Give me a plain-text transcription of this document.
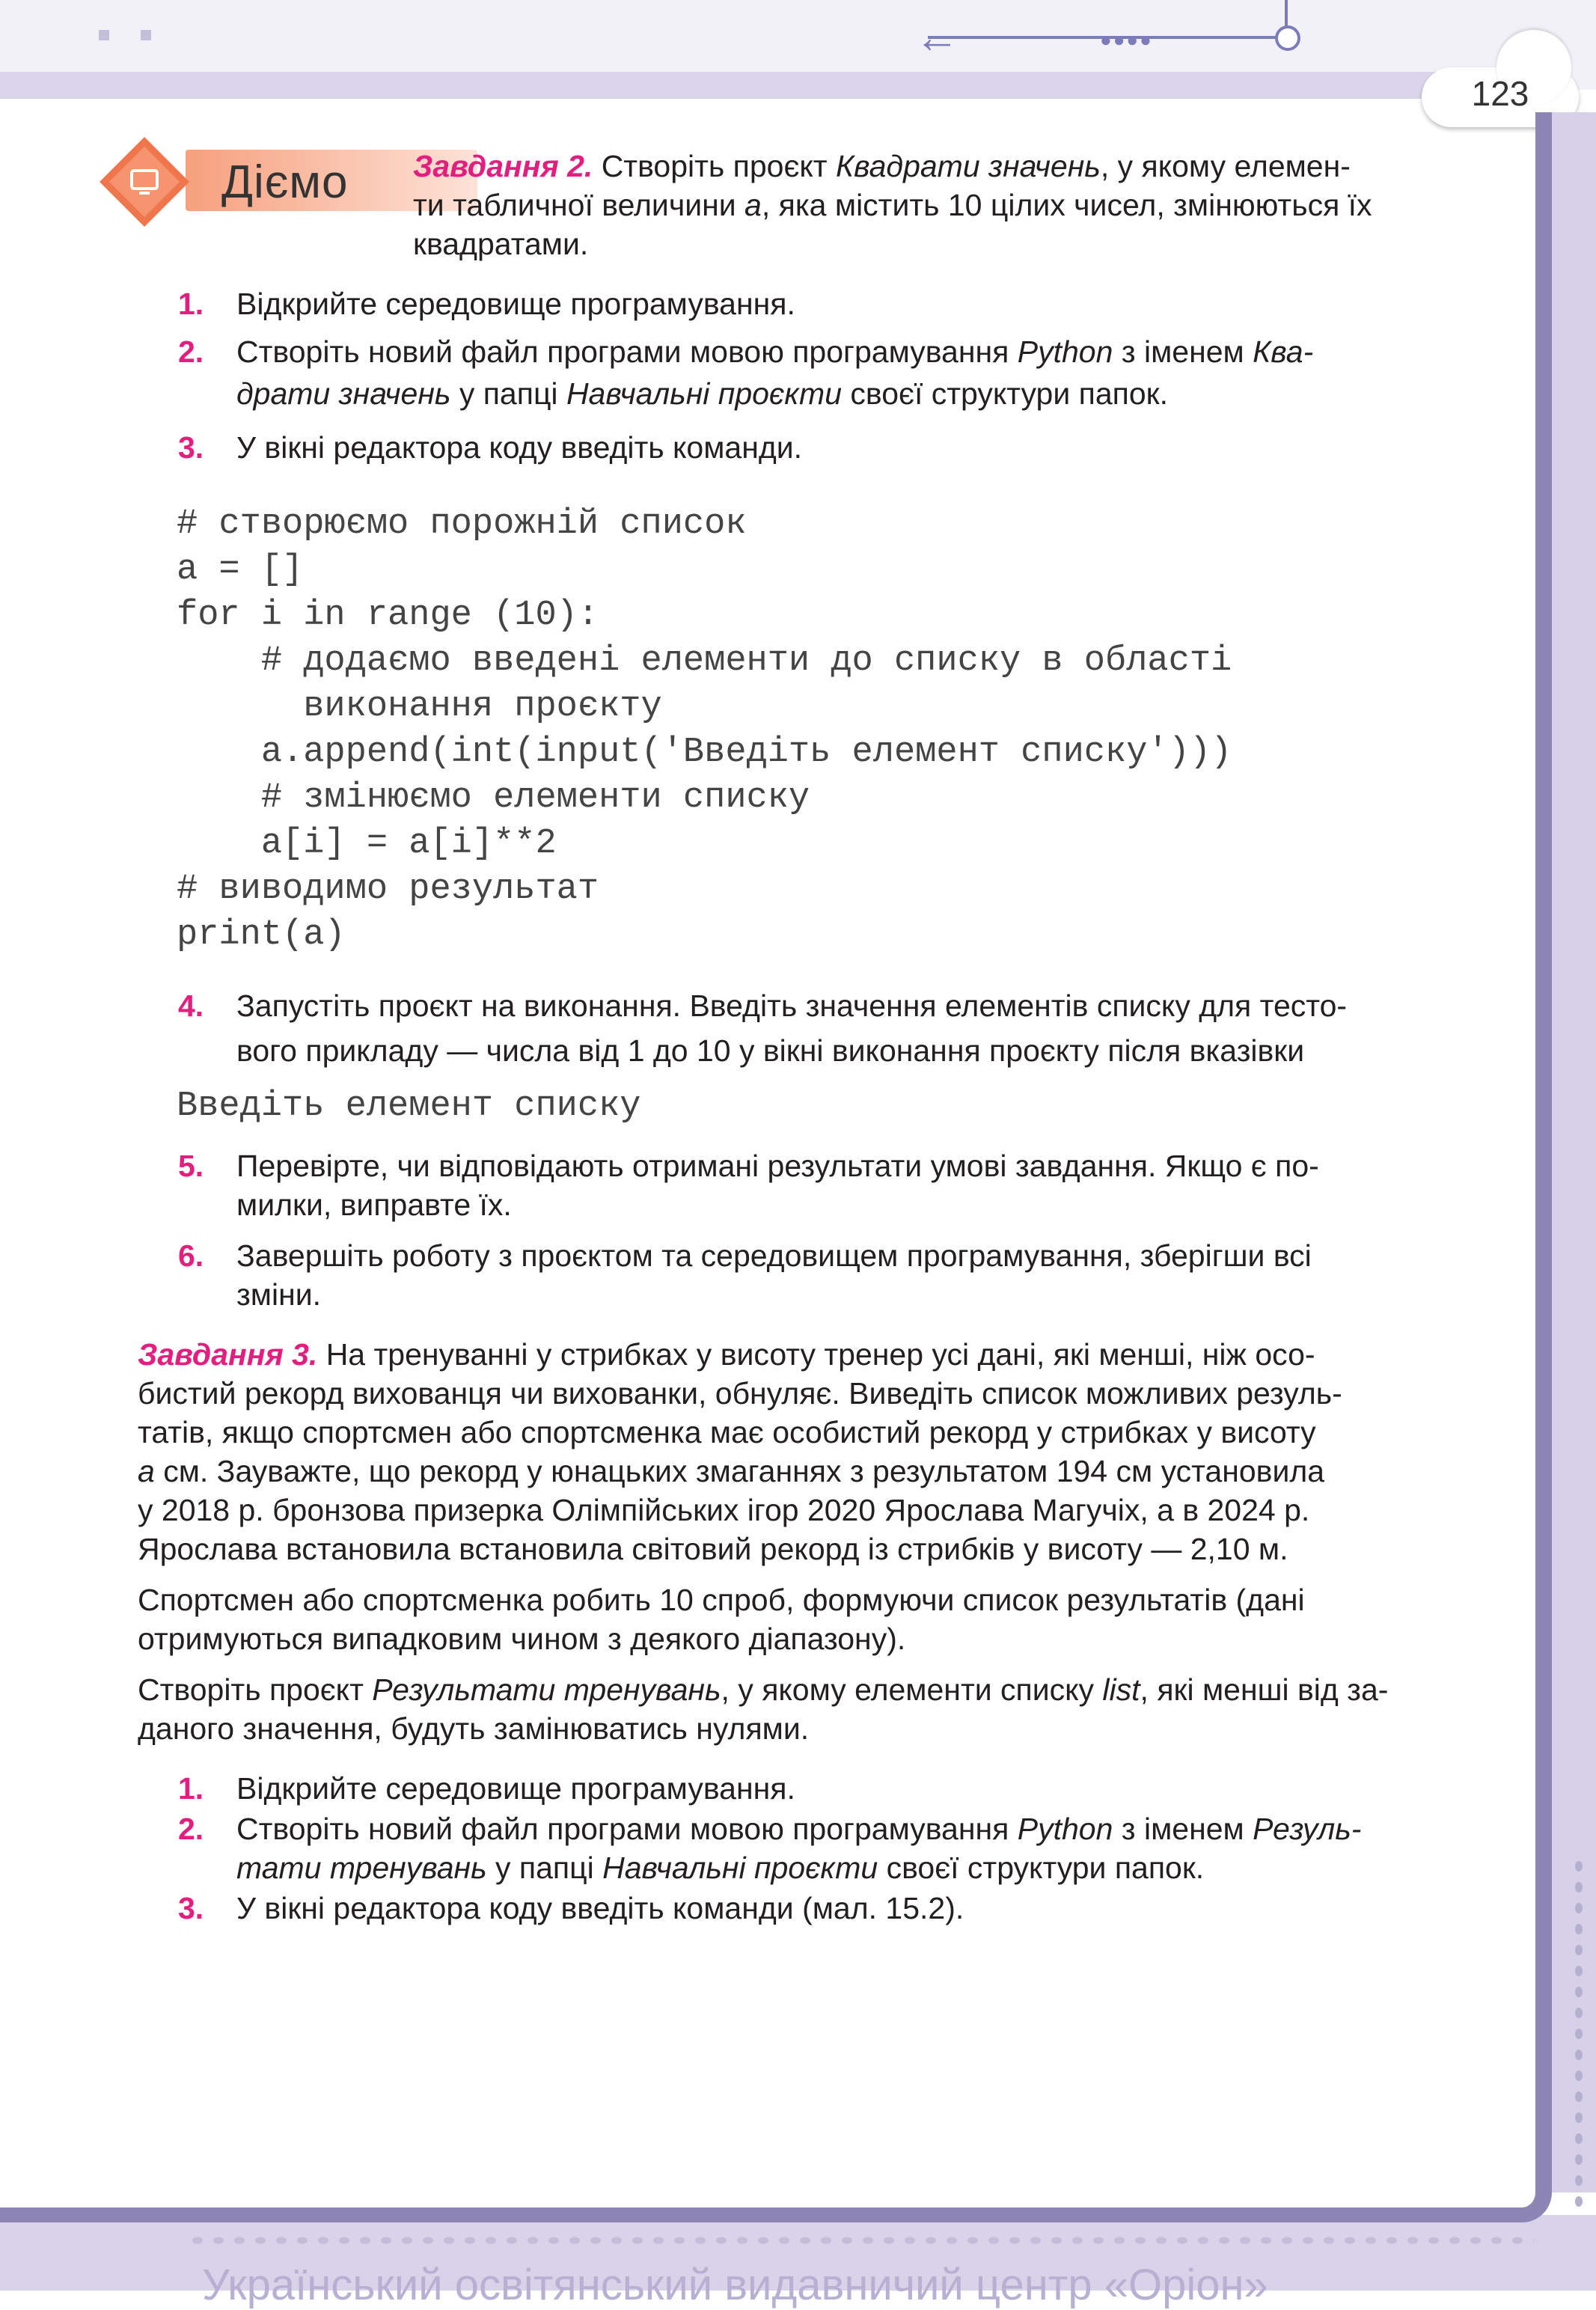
←	●●●●
123
Український освітянський видавничий центр «Оріон»
Діємо Завдання 2. Створіть проєкт Квадрати значень, у якому елемен-
ти табличної величини а, яка містить 10 цілих чисел, змінюються їх
квадратами.
1. Відкрийте середовище програмування.
2. Створіть новий файл програми мовою програмування Python з іменем Ква-
драти значень у папці Навчальні проєкти своєї структури папок.
3. У вікні редактора коду введіть команди.
# створюємо порожній список
a = []
for i in range (10):
# додаємо введені елементи до списку в області
виконання проєкту
a.append(int(input('Введіть елемент списку')))
# змінюємо елементи списку
a[i] = a[i]**2
# виводимо результат
print(a)
4. Запустіть проєкт на виконання. Введіть значення елементів списку для тесто-
вого прикладу — числа від 1 до 10 у вікні виконання проєкту після вказівки
Введіть елемент списку
5. Перевірте, чи відповідають отримані результати умові завдання. Якщо є по-
милки, виправте їх.
6. Завершіть роботу з проєктом та середовищем програмування, зберігши всі
зміни.
Завдання 3. На тренуванні у стрибках у висоту тренер усі дані, які менші, ніж осо-
бистий рекорд вихованця чи вихованки, обнуляє. Виведіть список можливих резуль-
татів, якщо спортсмен або спортсменка має особистий рекорд у стрибках у висоту
а см. Зауважте, що рекорд у юнацьких змаганнях з результатом 194 см установила
у 2018 р. бронзова призерка Олімпійських ігор 2020 Ярослава Магучіх, а в 2024 р.
Ярослава встановила встановила світовий рекорд із стрибків у висоту — 2,10 м.
Спортсмен або спортсменка робить 10 спроб, формуючи список результатів (дані
отримуються випадковим чином з деякого діапазону).
Створіть проєкт Результати тренувань, у якому елементи списку list, які менші від за-
даного значення, будуть замінюватись нулями.
1. Відкрийте середовище програмування.
2. Створіть новий файл програми мовою програмування Python з іменем Резуль-
тати тренувань у папці Навчальні проєкти своєї структури папок.
3. У вікні редактора коду введіть команди (мал. 15.2).
